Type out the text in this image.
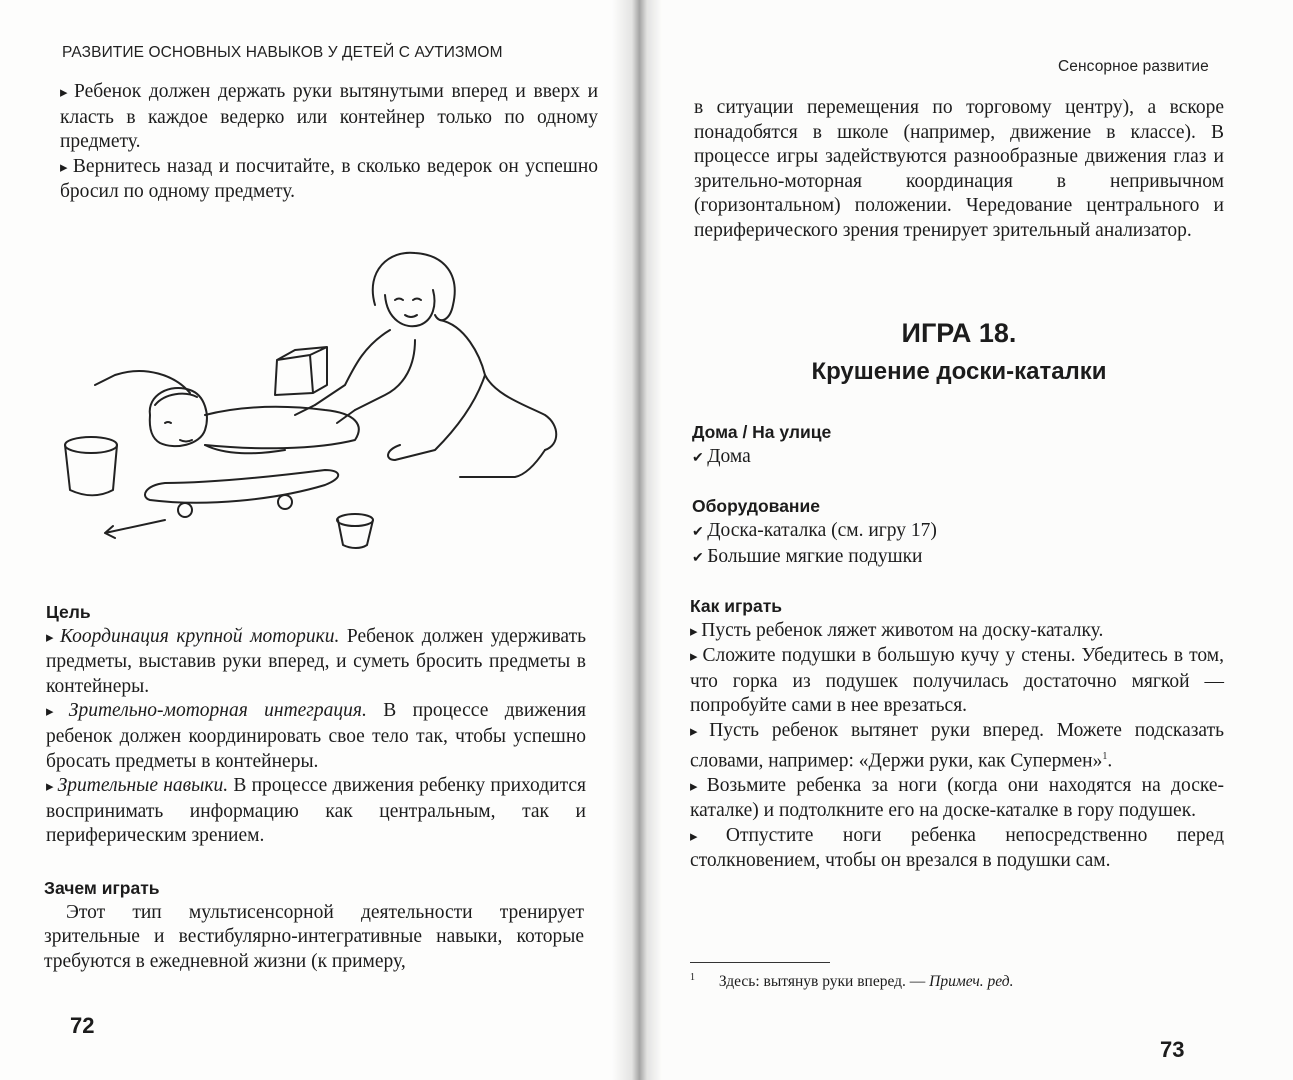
РАЗВИТИЕ ОСНОВНЫХ НАВЫКОВ У ДЕТЕЙ С АУТИЗМОМ

▸ Ребенок должен держать руки вытянутыми вперед и вверх и класть в каждое ведерко или контейнер только по одному предмету.

▸ Вернитесь назад и посчитайте, в сколько ведерок он успешно бросил по одному предмету.

Цель

▸ Координация крупной моторики. Ребенок должен удерживать предметы, выставив руки вперед, и суметь бросить предметы в контейнеры.

▸ Зрительно-моторная интеграция. В процессе движения ребенок должен координировать свое тело так, чтобы успешно бросать предметы в контейнеры.

▸ Зрительные навыки. В процессе движения ребенку приходится воспринимать информацию как центральным, так и периферическим зрением.

Зачем играть

Этот тип мультисенсорной деятельности тренирует зрительные и вестибулярно-интегративные навыки, которые требуются в ежедневной жизни (к примеру,

72
Сенсорное развитие
в ситуации перемещения по торговому центру), а вскоре понадобятся в школе (например, движение в классе). В процессе игры задействуются разнообразные движения глаз и зрительно-моторная координация в непривычном (горизонтальном) положении. Чередование центрального и периферического зрения тренирует зрительный анализатор.
ИГРА 18.
Крушение доски-каталки

Дома / На улице

✔ Дома

Оборудование

✔ Доска-каталка (см. игру 17)

✔ Большие мягкие подушки

Как играть

▸ Пусть ребенок ляжет животом на доску-каталку.

▸ Сложите подушки в большую кучу у стены. Убедитесь в том, что горка из подушек получилась достаточно мягкой — попробуйте сами в нее врезаться.

▸ Пусть ребенок вытянет руки вперед. Можете подсказать словами, например: «Держи руки, как Супермен»$^1$.

▸ Возьмите ребенка за ноги (когда они находятся на доске-каталке) и подтолкните его на доске-каталке в гору подушек.

▸ Отпустите ноги ребенка непосредственно перед столкновением, чтобы он врезался в подушки сам.

$^1$ Здесь: вытянув руки вперед. — Примеч. ред.
73
